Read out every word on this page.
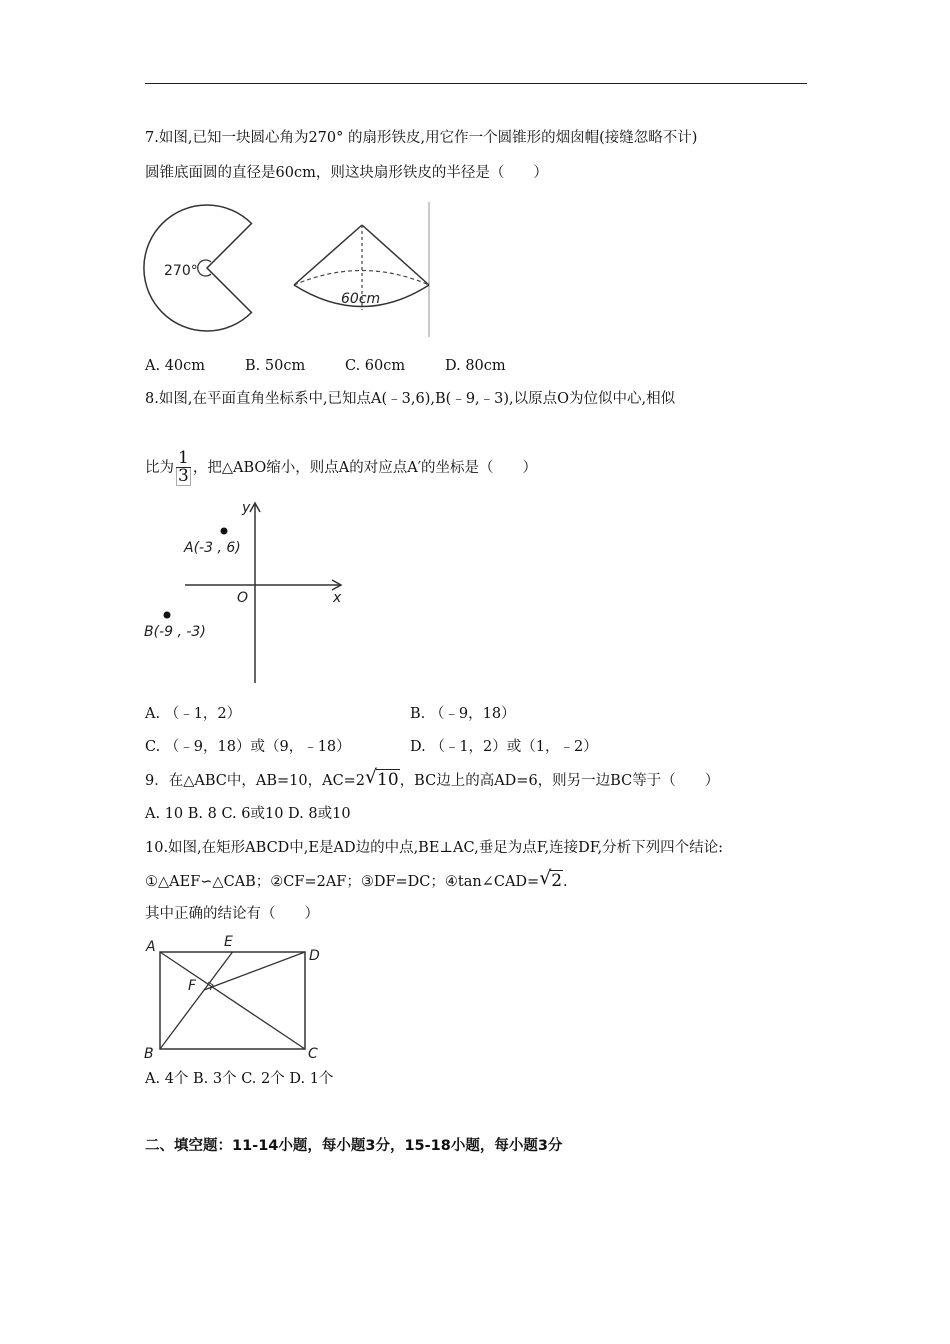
7.如图,已知一块圆心角为270° 的扇形铁皮,用它作一个圆锥形的烟囱帽(接缝忽略不计)
圆锥底面圆的直径是60cm，则这块扇形铁皮的半径是（　　）
270°
60cm
A. 40cm	B. 50cm	C. 60cm	D. 80cm
8.如图,在平面直角坐标系中,已知点A(﹣3,6),B(﹣9,﹣3),以原点O为位似中心,相似
比为 $\frac{1}{3}$ ，把△ABO缩小，则点A的对应点A′的坐标是（　　）
y
x
O
A(-3 , 6)
B(-9 , -3)
A. （﹣1，2）	B. （﹣9，18）
C. （﹣9，18）或（9，﹣18）	D. （﹣1，2）或（1，﹣2）
9．在△ABC中，AB=10，AC=2 √ 10，BC边上的高AD=6，则另一边BC等于（　　）
A. 10 B. 8 C. 6或10 D. 8或10
10.如图,在矩形ABCD中,E是AD边的中点,BE⊥AC,垂足为点F,连接DF,分析下列四个结论:
①△AEF∽△CAB；②CF=2AF；③DF=DC；④tan∠CAD= √ 2.
其中正确的结论有（　　）
A	E
D
F
B	C
A. 4个 B. 3个 C. 2个 D. 1个
二、填空题：11-14小题，每小题3分，15-18小题，每小题3分
